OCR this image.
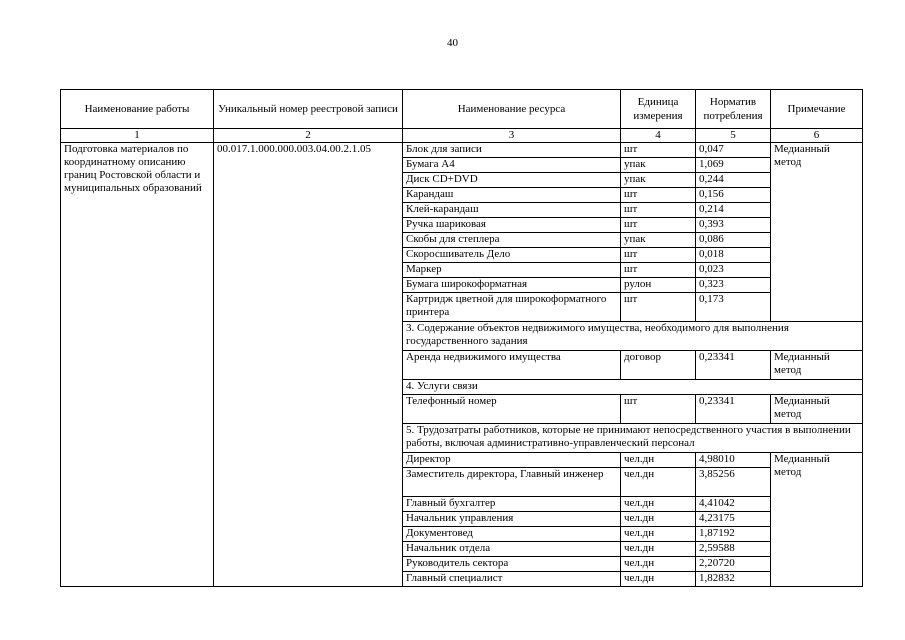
40
Наименование работы	Уникальный номер реестровой записи	Наименование ресурса	Единица измерения	Норматив потребления	Примечание
1	2	3	4	5	6
Подготовка материалов по координатному описанию границ Ростовской области и муниципальных образований	00.017.1.000.000.003.04.00.2.1.05	Блок для записи	шт	0,047	Медианный метод
		Бумага А4	упак	1,069	
		Диск CD+DVD	упак	0,244	
		Карандаш	шт	0,156	
		Клей-карандаш	шт	0,214	
		Ручка шариковая	шт	0,393	
		Скобы для степлера	упак	0,086	
		Скоросшиватель Дело	шт	0,018	
		Маркер	шт	0,023	
		Бумага широкоформатная	рулон	0,323	
		Картридж цветной для широкоформатного принтера	шт	0,173	
		3. Содержание объектов недвижимого имущества, необходимого для выполнения государственного задания			
		Аренда недвижимого имущества	договор	0,23341	Медианный метод
		4. Услуги связи			
		Телефонный номер	шт	0,23341	Медианный метод
		5. Трудозатраты работников, которые не принимают непосредственного участия в выполнении работы, включая административно-управленческий персонал			
		Директор	чел.дн	4,98010	Медианный метод
		Заместитель директора, Главный инженер	чел.дн	3,85256	
		Главный бухгалтер	чел.дн	4,41042	
		Начальник управления	чел.дн	4,23175	
		Документовед	чел.дн	1,87192	
		Начальник отдела	чел.дн	2,59588	
		Руководитель сектора	чел.дн	2,20720	
		Главный специалист	чел.дн	1,82832	
